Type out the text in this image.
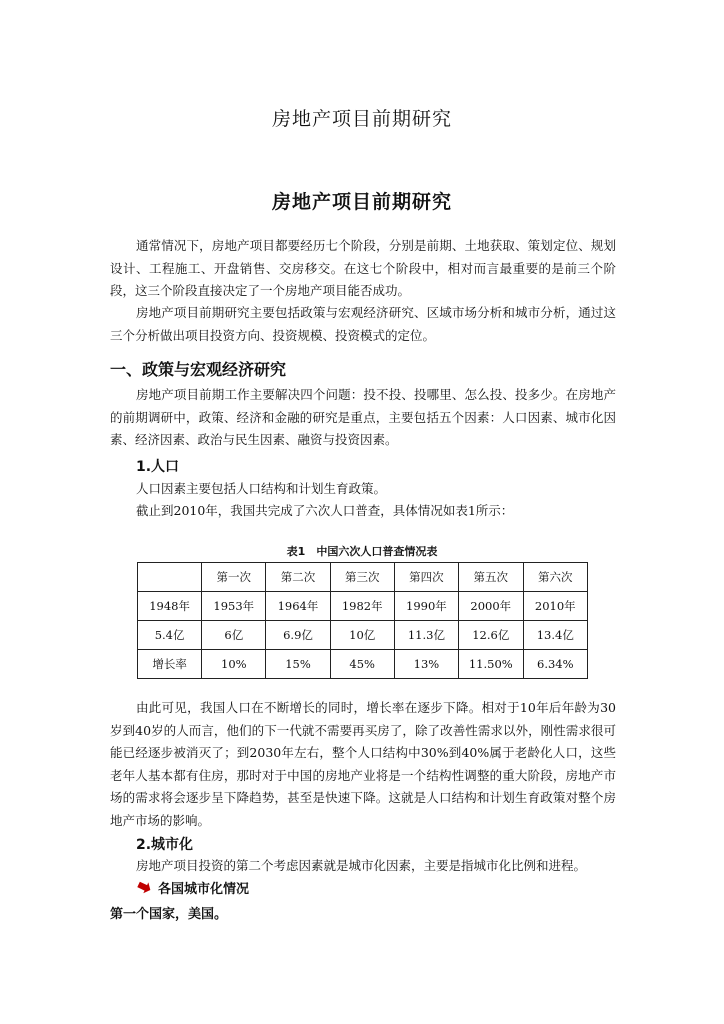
房地产项目前期研究
房地产项目前期研究

通常情况下，房地产项目都要经历七个阶段，分别是前期、土地获取、策划定位、规划设计、工程施工、开盘销售、交房移交。在这七个阶段中，相对而言最重要的是前三个阶段，这三个阶段直接决定了一个房地产项目能否成功。

房地产项目前期研究主要包括政策与宏观经济研究、区域市场分析和城市分析，通过这三个分析做出项目投资方向、投资规模、投资模式的定位。

一、政策与宏观经济研究

房地产项目前期工作主要解决四个问题：投不投、投哪里、怎么投、投多少。在房地产的前期调研中，政策、经济和金融的研究是重点，主要包括五个因素：人口因素、城市化因素、经济因素、政治与民生因素、融资与投资因素。

1.人口

人口因素主要包括人口结构和计划生育政策。

截止到2010年，我国共完成了六次人口普查，具体情况如表1所示：

表1　中国六次人口普查情况表
	第一次	第二次	第三次	第四次	第五次	第六次
1948年	1953年	1964年	1982年	1990年	2000年	2010年
5.4亿	6亿	6.9亿	10亿	11.3亿	12.6亿	13.4亿
增长率	10%	15%	45%	13%	11.50%	6.34%

由此可见，我国人口在不断增长的同时，增长率在逐步下降。相对于10年后年龄为30岁到40岁的人而言，他们的下一代就不需要再买房了，除了改善性需求以外，刚性需求很可能已经逐步被消灭了；到2030年左右，整个人口结构中30%到40%属于老龄化人口，这些老年人基本都有住房，那时对于中国的房地产业将是一个结构性调整的重大阶段，房地产市场的需求将会逐步呈下降趋势，甚至是快速下降。这就是人口结构和计划生育政策对整个房地产市场的影响。

2.城市化

房地产项目投资的第二个考虑因素就是城市化因素，主要是指城市化比例和进程。

各国城市化情况

第一个国家，美国。
